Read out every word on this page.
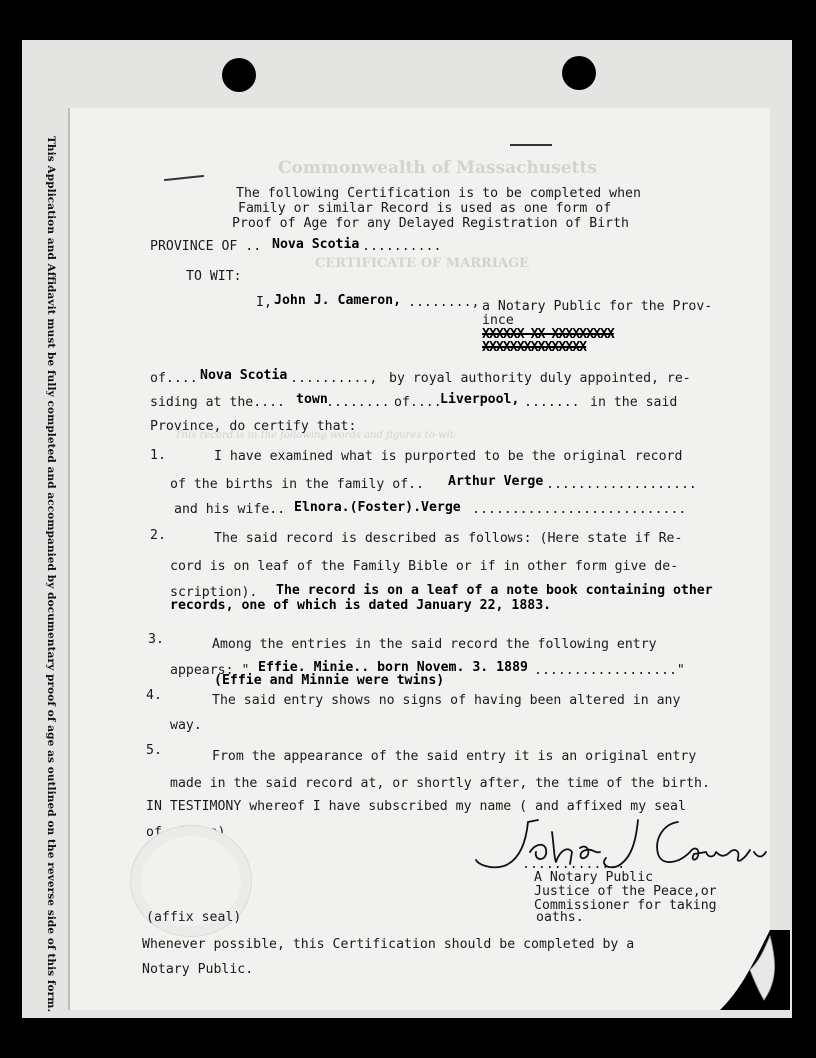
This Application and Affidavit must be fully completed and accompanied by documentary proof of age as outlined on the reverse side of this form.	Commonwealth of Massachusetts
CERTIFICATE OF MARRIAGE
This record is in the following words and figures to-wit:
The following Certification is to be completed when
Family or similar Record is used as one form of
Proof of Age for any Delayed Registration of Birth
PROVINCE OF .. Nova Scotia ..........
TO WIT:
I, John J. Cameron, ........, a Notary Public for the Prov-
ince
XXXXXX XX XXXXXXXXX
XXXXXXXXXXXXXXX
of.... Nova Scotia .........., by royal authority duly appointed, re-
siding at the.... town
........ of....
Liverpool, ....... in the said
Province, do certify that:
1.	I have examined what is purported to be the original record
of the births in the family of.. Arthur Verge ...................
and his wife.. Elnora.(Foster).Verge ...........................
2.	The said record is described as follows: (Here state if Re-
cord is on leaf of the Family Bible or if in other form give de-
scription). The record is on a leaf of a note book containing other
records, one of which is dated January 22, 1883.
3.	Among the entries in the said record the following entry
appears: " Effie. Minie.. born Novem. 3. 1889 .................."
(Effie and Minnie were twins)
4.	The said entry shows no signs of having been altered in any
way.
5.	From the appearance of the said entry it is an original entry
made in the said record at, or shortly after, the time of the birth.
IN TESTIMONY whereof I have subscribed my name ( and affixed my seal
of office)
.............
A Notary Public
Justice of the Peace,or
Commissioner for taking
oaths.
(affix seal)
Whenever possible, this Certification should be completed by a
Notary Public.
